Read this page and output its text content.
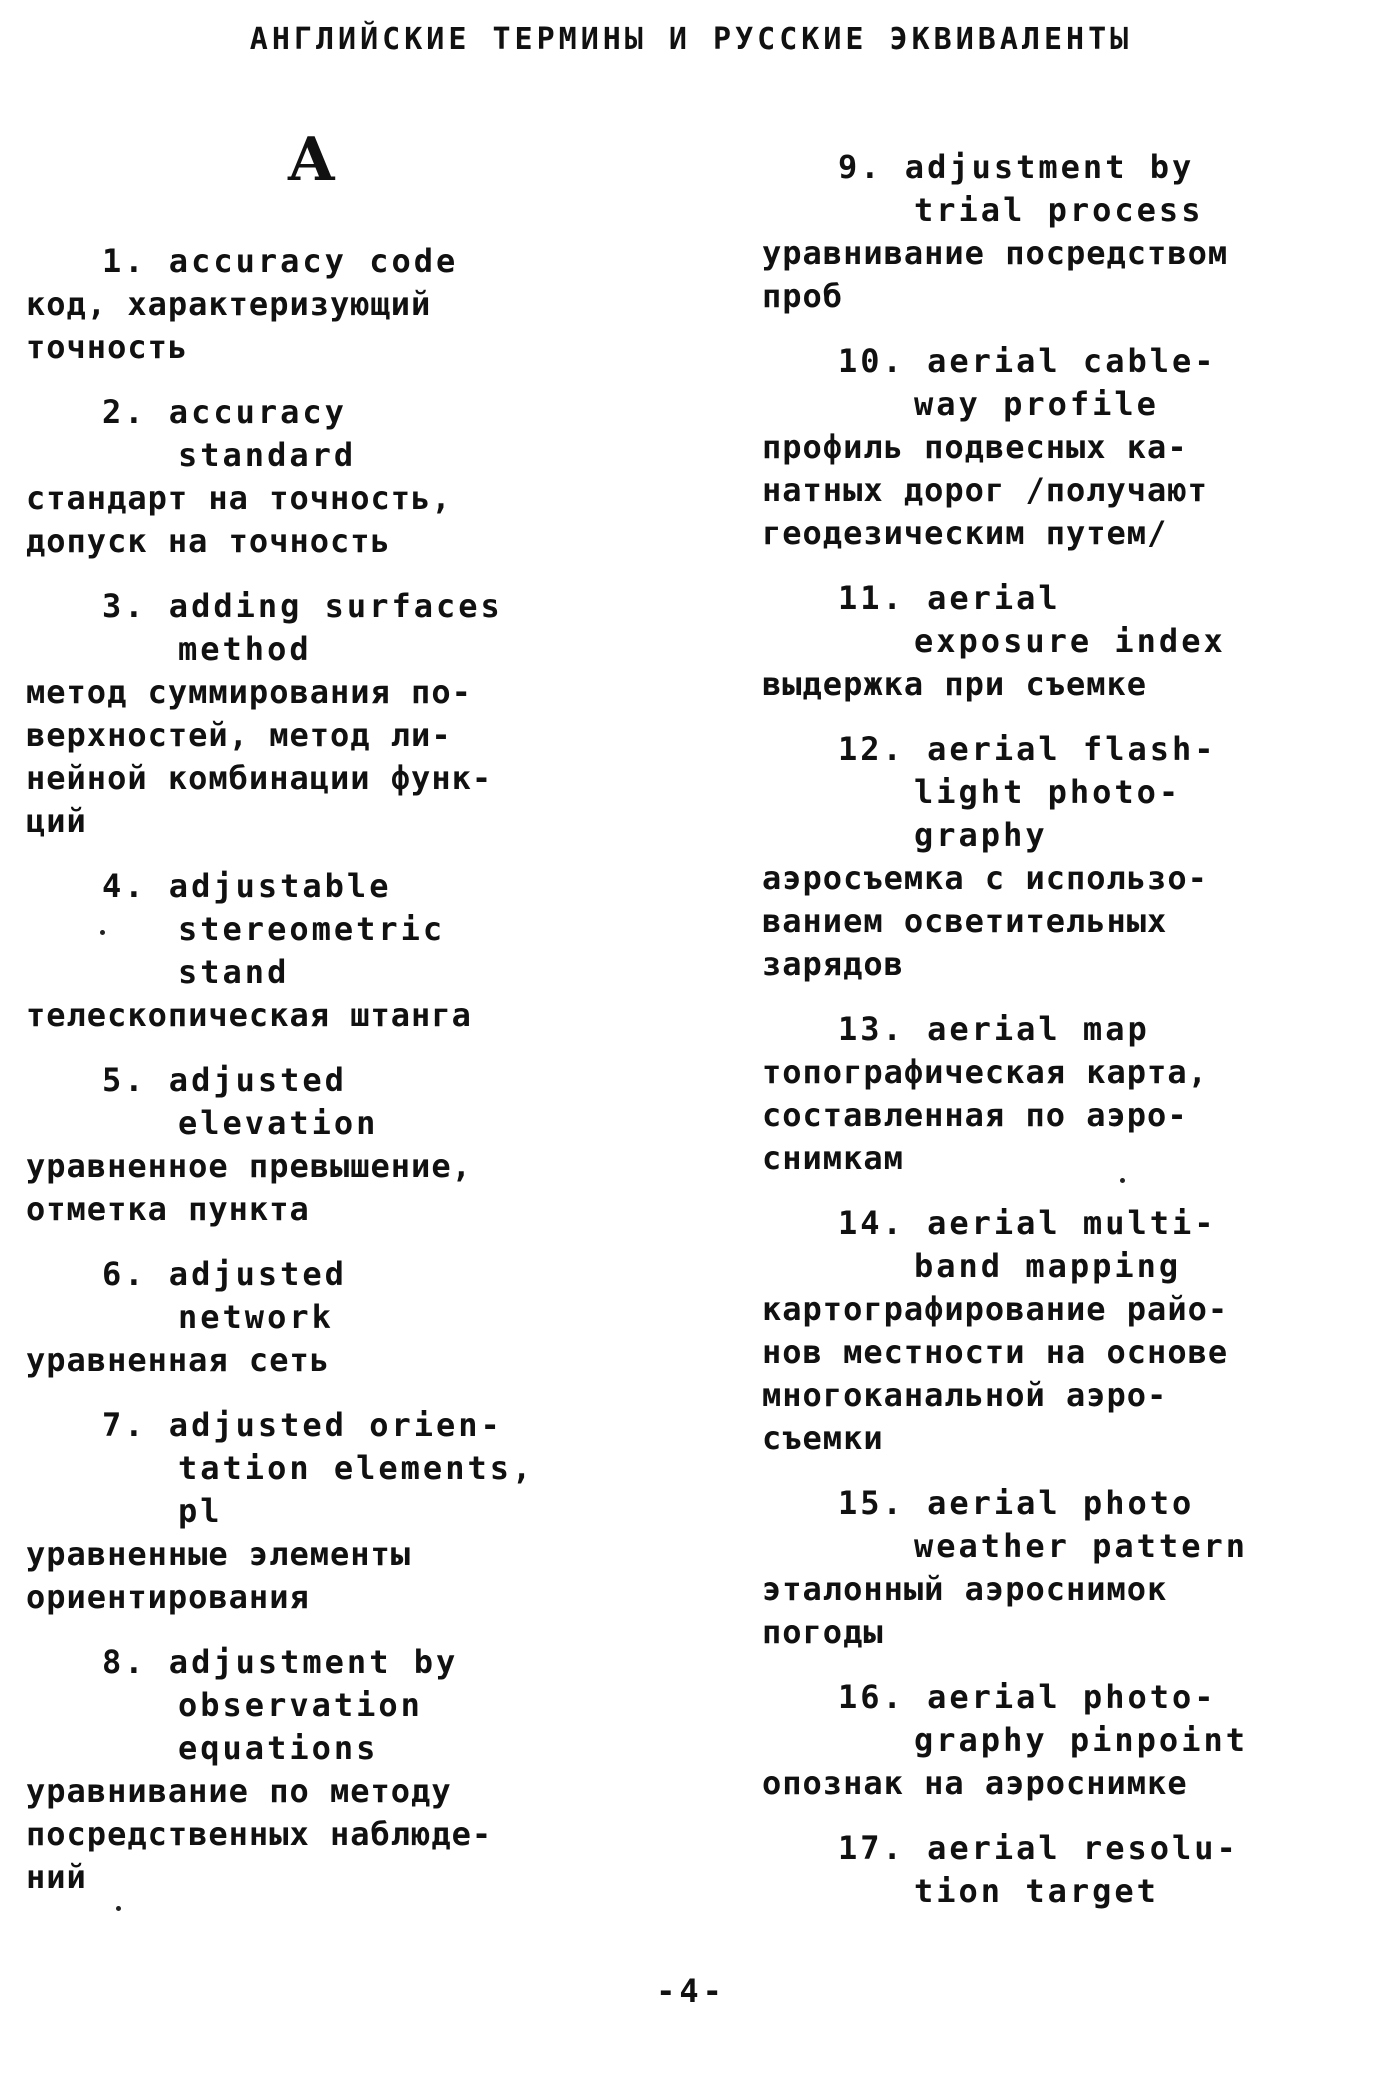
АНГЛИЙСКИЕ ТЕРМИНЫ И РУССКИЕ ЭКВИВАЛЕНТЫ
A
1. accuracy code
код, характеризующий
точность
2. accuracy
standard
стандарт на точность,
допуск на точность
3. adding surfaces
method
метод суммирования по-
верхностей, метод ли-
нейной комбинации функ-
ций
4. adjustable
stereometric
stand
телескопическая штанга
5. adjusted
elevation
уравненное превышение,
отметка пункта
6. adjusted
network
уравненная сеть
7. adjusted orien-
tation elements,
pl
уравненные элементы
ориентирования
8. adjustment by
observation
equations
уравнивание по методу
посредственных наблюде-
ний
9. adjustment by
trial process
уравнивание посредством
проб
10. aerial cable-
way profile
профиль подвесных ка-
натных дорог /получают
геодезическим путем/
11. aerial
exposure index
выдержка при съемке
12. aerial flash-
light photo-
graphy
аэросъемка с использо-
ванием осветительных
зарядов
13. aerial map
топографическая карта,
составленная по аэро-
снимкам
14. aerial multi-
band mapping
картографирование райо-
нов местности на основе
многоканальной аэро-
съемки
15. aerial photo
weather pattern
эталонный аэроснимок
погоды
16. aerial photo-
graphy pinpoint
опознак на аэроснимке
17. aerial resolu-
tion target
-4-
